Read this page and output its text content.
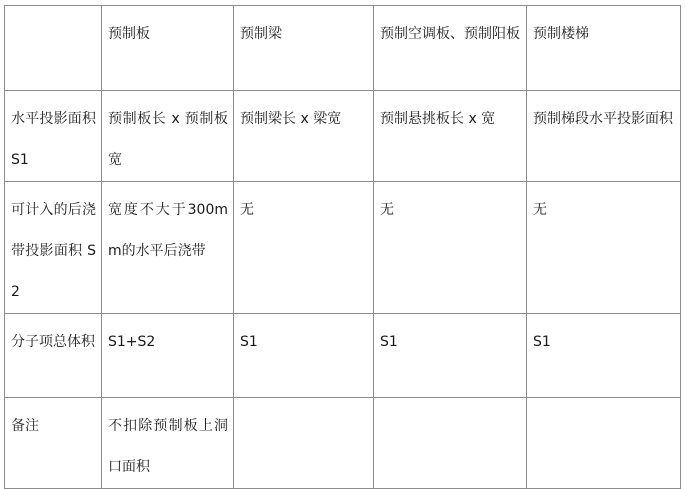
	预制板	预制梁	预制空调板、预制阳板	预制楼梯
水平投影面积 S1	预制板长 x 预制板宽	预制梁长 x 梁宽	预制悬挑板长 x 宽	预制梯段水平投影面积
可计入的后浇带投影面积 S2	宽度不大于300mm的水平后浇带	无	无	无
分子项总体积	S1+S2	S1	S1	S1
备注	不扣除预制板上洞口面积			
